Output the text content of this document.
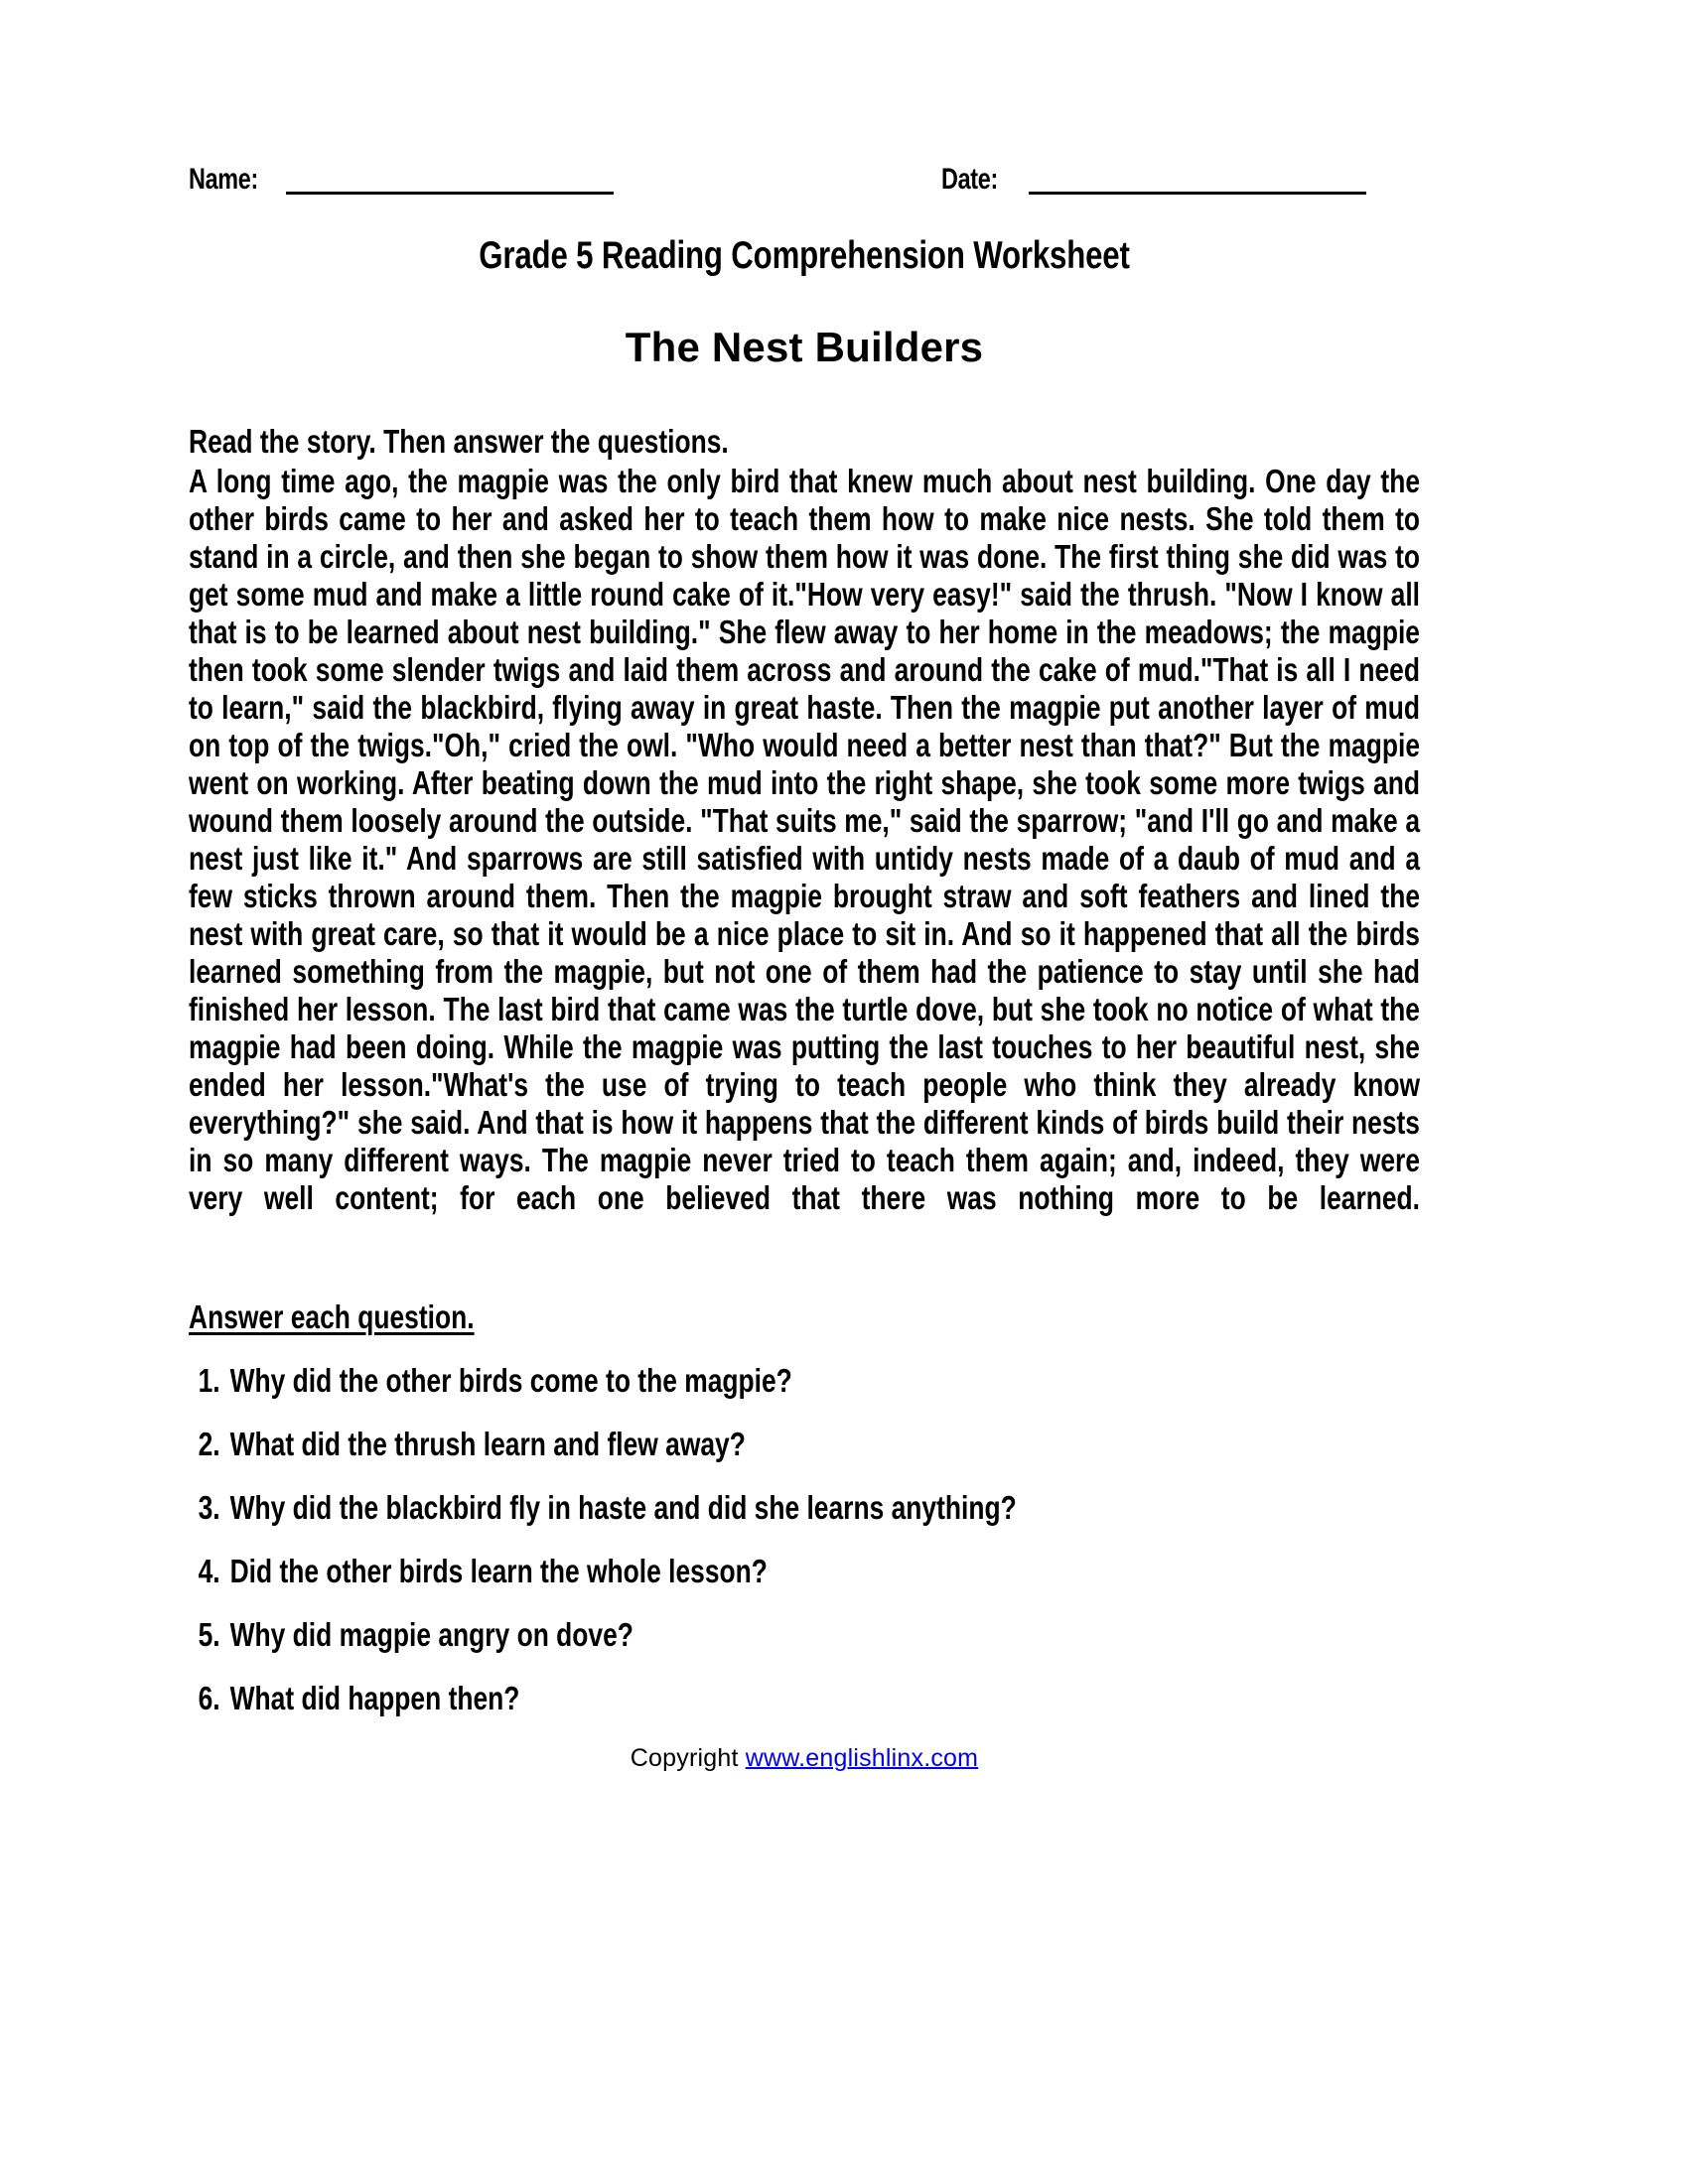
Name:	Date:
Grade 5 Reading Comprehension Worksheet
The Nest Builders
Read the story. Then answer the questions.
A long time ago, the magpie was the only bird that knew much about nest building. One day the other birds came to her and asked her to teach them how to make nice nests. She told them to stand in a circle, and then she began to show them how it was done. The first thing she did was to get some mud and make a little round cake of it."How very easy!" said the thrush. "Now I know all that is to be learned about nest building." She flew away to her home in the meadows; the magpie then took some slender twigs and laid them across and around the cake of mud."That is all I need to learn," said the blackbird, flying away in great haste. Then the magpie put another layer of mud on top of the twigs."Oh," cried the owl. "Who would need a better nest than that?" But the magpie went on working. After beating down the mud into the right shape, she took some more twigs and wound them loosely around the outside. "That suits me," said the sparrow; "and I'll go and make a nest just like it." And sparrows are still satisfied with untidy nests made of a daub of mud and a few sticks thrown around them. Then the magpie brought straw and soft feathers and lined the nest with great care, so that it would be a nice place to sit in. And so it happened that all the birds learned something from the magpie, but not one of them had the patience to stay until she had finished her lesson. The last bird that came was the turtle dove, but she took no notice of what the magpie had been doing. While the magpie was putting the last touches to her beautiful nest, she ended her lesson."What's the use of trying to teach people who think they already know everything?" she said. And that is how it happens that the different kinds of birds build their nests in so many different ways. The magpie never tried to teach them again; and, indeed, they were very well content; for each one believed that there was nothing more to be learned.
Answer each question.
1. Why did the other birds come to the magpie?
2. What did the thrush learn and flew away?
3. Why did the blackbird fly in haste and did she learns anything?
4. Did the other birds learn the whole lesson?
5. Why did magpie angry on dove?
6. What did happen then?
Copyright www.englishlinx.com
